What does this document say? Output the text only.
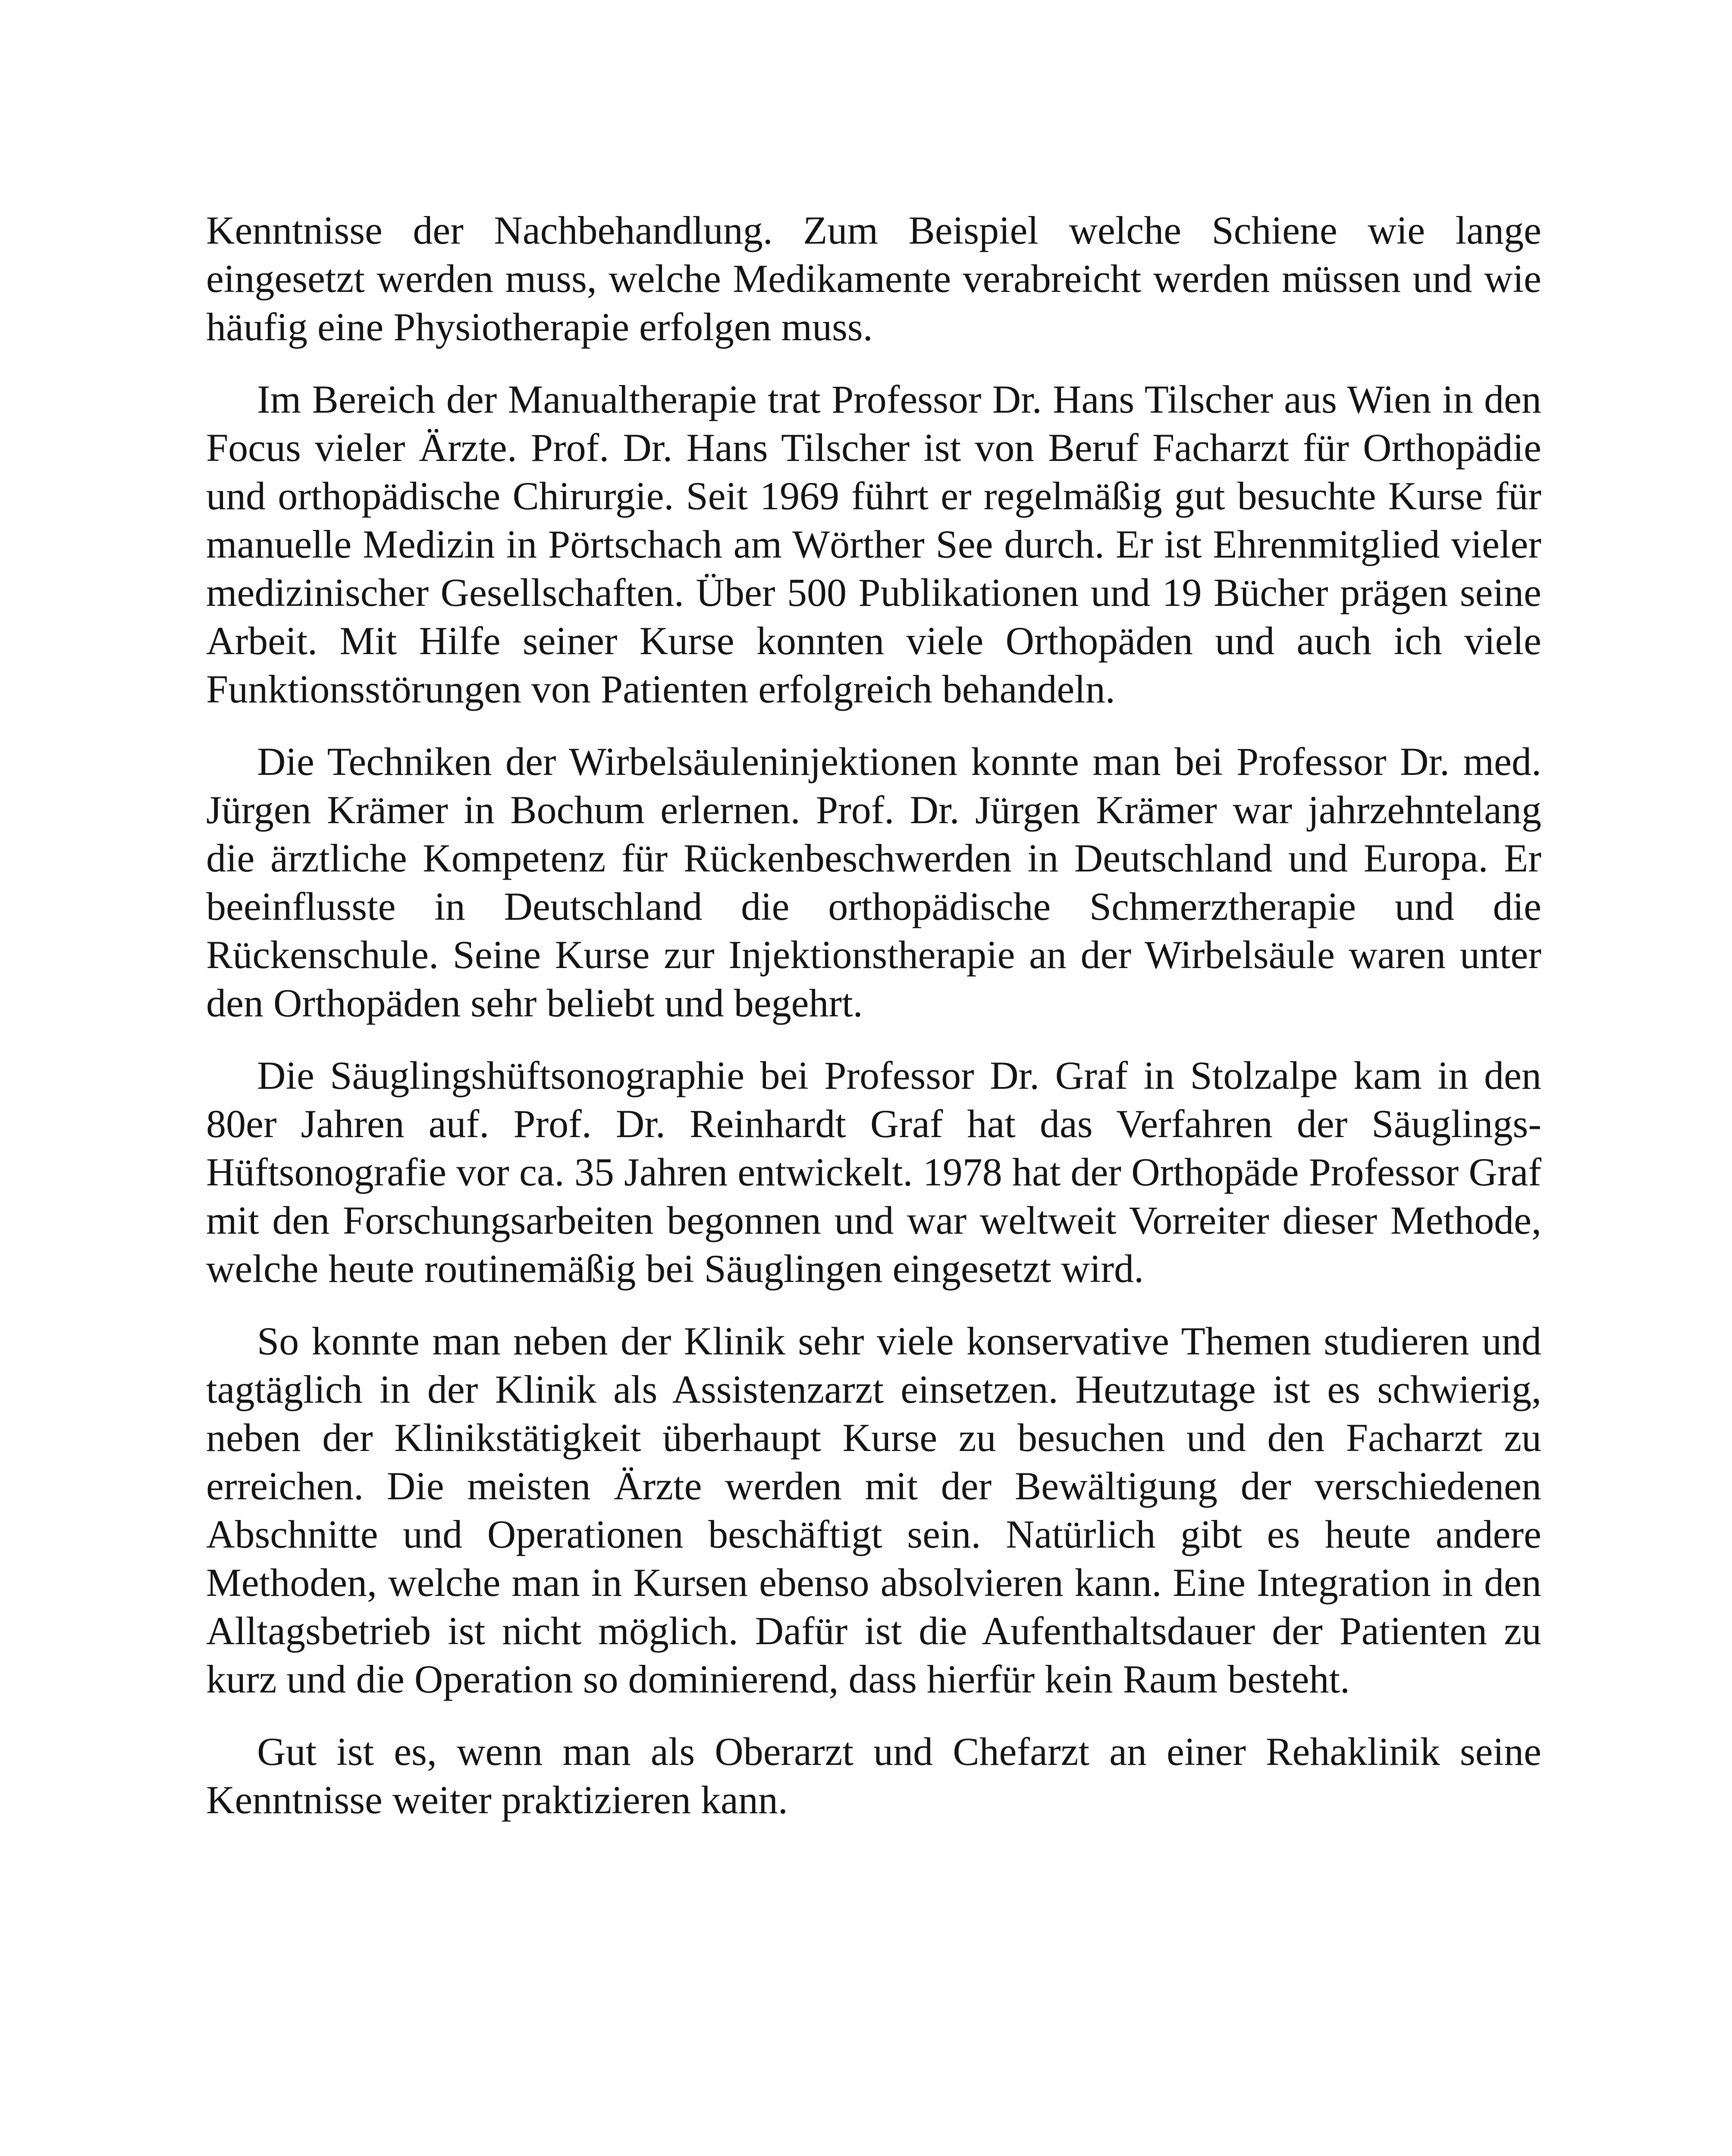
Kenntnisse der Nachbehandlung. Zum Beispiel welche Schiene wie lange eingesetzt werden muss, welche Medikamente verabreicht werden müssen und wie häufig eine Physiotherapie erfolgen muss.

Im Bereich der Manualtherapie trat Professor Dr. Hans Tilscher aus Wien in den Focus vieler Ärzte. Prof. Dr. Hans Tilscher ist von Beruf Facharzt für Orthopädie und orthopädische Chirurgie. Seit 1969 führt er regelmäßig gut besuchte Kurse für manuelle Medizin in Pörtschach am Wörther See durch. Er ist Ehrenmitglied vieler medizinischer Gesellschaften. Über 500 Publikationen und 19 Bücher prägen seine Arbeit. Mit Hilfe seiner Kurse konnten viele Orthopäden und auch ich viele Funktionsstörungen von Patienten erfolgreich behandeln.

Die Techniken der Wirbelsäuleninjektionen konnte man bei Professor Dr. med. Jürgen Krämer in Bochum erlernen. Prof. Dr. Jürgen Krämer war jahrzehntelang die ärztliche Kompetenz für Rückenbeschwerden in Deutschland und Europa. Er beeinflusste in Deutschland die orthopädische Schmerztherapie und die Rückenschule. Seine Kurse zur Injektionstherapie an der Wirbelsäule waren unter den Orthopäden sehr beliebt und begehrt.

Die Säuglingshüftsonographie bei Professor Dr. Graf in Stolzalpe kam in den 80er Jahren auf. Prof. Dr. Reinhardt Graf hat das Verfahren der Säuglings-Hüftsonografie vor ca. 35 Jahren entwickelt. 1978 hat der Orthopäde Professor Graf mit den Forschungsarbeiten begonnen und war weltweit Vorreiter dieser Methode, welche heute routinemäßig bei Säuglingen eingesetzt wird.

So konnte man neben der Klinik sehr viele konservative Themen studieren und tagtäglich in der Klinik als Assistenzarzt einsetzen. Heutzutage ist es schwierig, neben der Klinikstätigkeit überhaupt Kurse zu besuchen und den Facharzt zu erreichen. Die meisten Ärzte werden mit der Bewältigung der verschiedenen Abschnitte und Operationen beschäftigt sein. Natürlich gibt es heute andere Methoden, welche man in Kursen ebenso absolvieren kann. Eine Integration in den Alltagsbetrieb ist nicht möglich. Dafür ist die Aufenthaltsdauer der Patienten zu kurz und die Operation so dominierend, dass hierfür kein Raum besteht.

Gut ist es, wenn man als Oberarzt und Chefarzt an einer Rehaklinik seine Kenntnisse weiter praktizieren kann.
